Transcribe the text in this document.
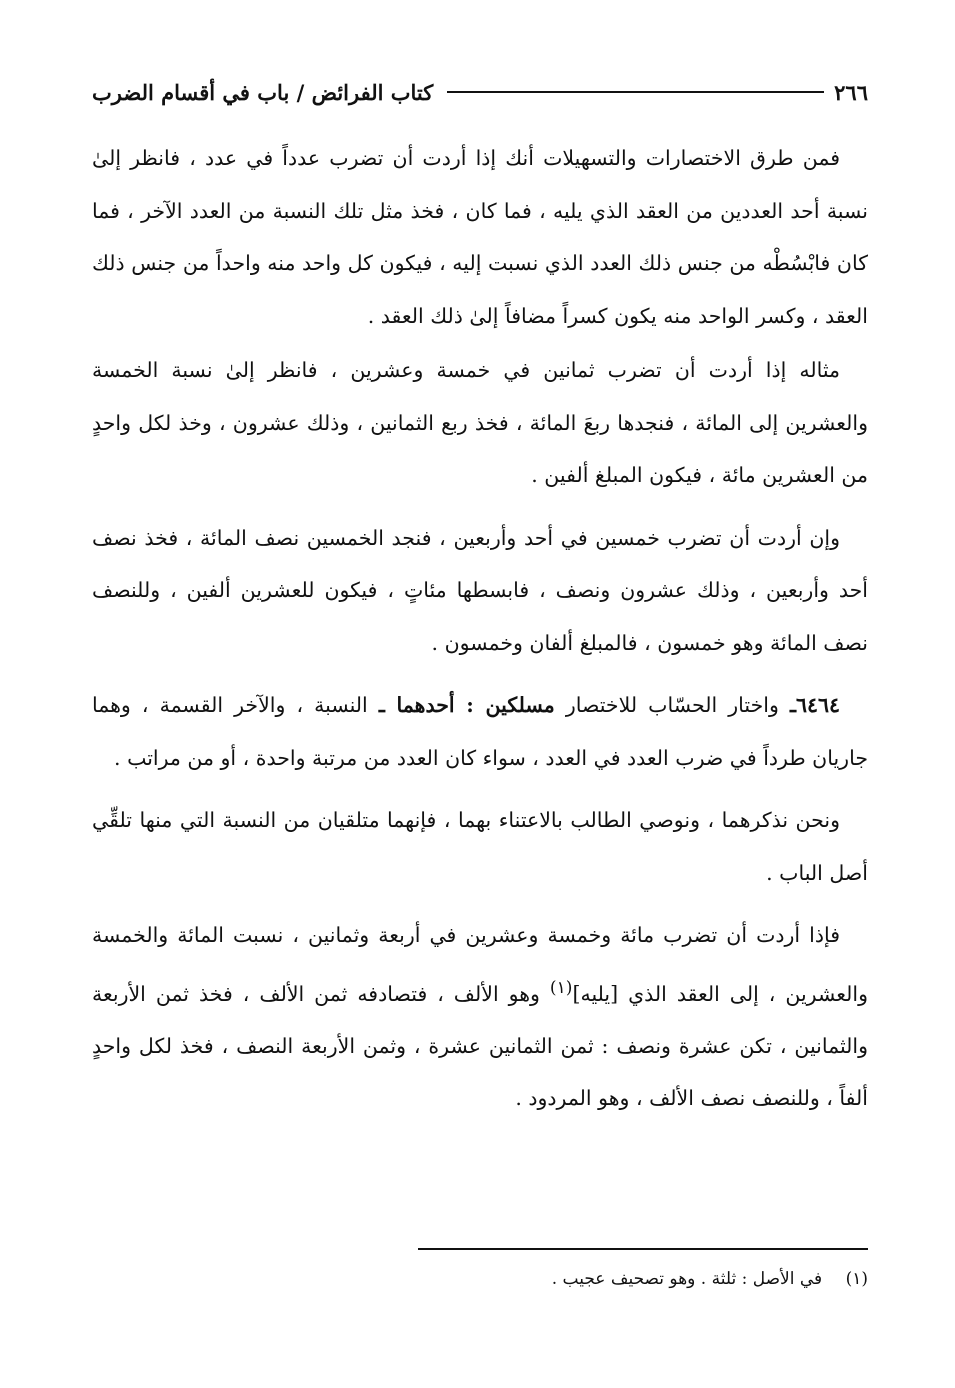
٢٦٦
كتاب الفرائض / باب في أقسام الضرب

فمن طرق الاختصارات والتسهيلات أنك إذا أردت أن تضرب عدداً في عدد ، فانظر إلىٰ نسبة أحد العددين من العقد الذي يليه ، فما كان ، فخذ مثل تلك النسبة من العدد الآخر ، فما كان فابْسُطْه من جنس ذلك العدد الذي نسبت إليه ، فيكون كل واحد منه واحداً من جنس ذلك العقد ، وكسر الواحد منه يكون كسراً مضافاً إلىٰ ذلك العقد .

مثاله إذا أردت أن تضرب ثمانين في خمسة وعشرين ، فانظر إلىٰ نسبة الخمسة والعشرين إلى المائة ، فنجدها ربعَ المائة ، فخذ ربع الثمانين ، وذلك عشرون ، وخذ لكل واحدٍ من العشرين مائة ، فيكون المبلغ ألفين .

وإن أردت أن تضرب خمسين في أحد وأربعين ، فنجد الخمسين نصف المائة ، فخذ نصف أحد وأربعين ، وذلك عشرون ونصف ، فابسطها مئاتٍ ، فيكون للعشرين ألفين ، وللنصف نصف المائة وهو خمسون ، فالمبلغ ألفان وخمسون .

٦٤٦٤ـ واختار الحسّاب للاختصار مسلكين : أحدهما ـ النسبة ، والآخر القسمة ، وهما جاريان طرداً في ضرب العدد في العدد ، سواء كان العدد من مرتبة واحدة ، أو من مراتب .

ونحن نذكرهما ، ونوصي الطالب بالاعتناء بهما ، فإنهما متلقيان من النسبة التي منها تلقِّي أصل الباب .

فإذا أردت أن تضرب مائة وخمسة وعشرين في أربعة وثمانين ، نسبت المائة والخمسة والعشرين ، إلى العقد الذي [يليه]$^{(١)}$ وهو الألف ، فتصادفه ثمن الألف ، فخذ ثمن الأربعة والثمانين ، تكن عشرة ونصف : ثمن الثمانين عشرة ، وثمن الأربعة النصف ، فخذ لكل واحدٍ ألفاً ، وللنصف نصف الألف ، وهو المردود .

(١) في الأصل : ثلثة . وهو تصحيف عجيب .
